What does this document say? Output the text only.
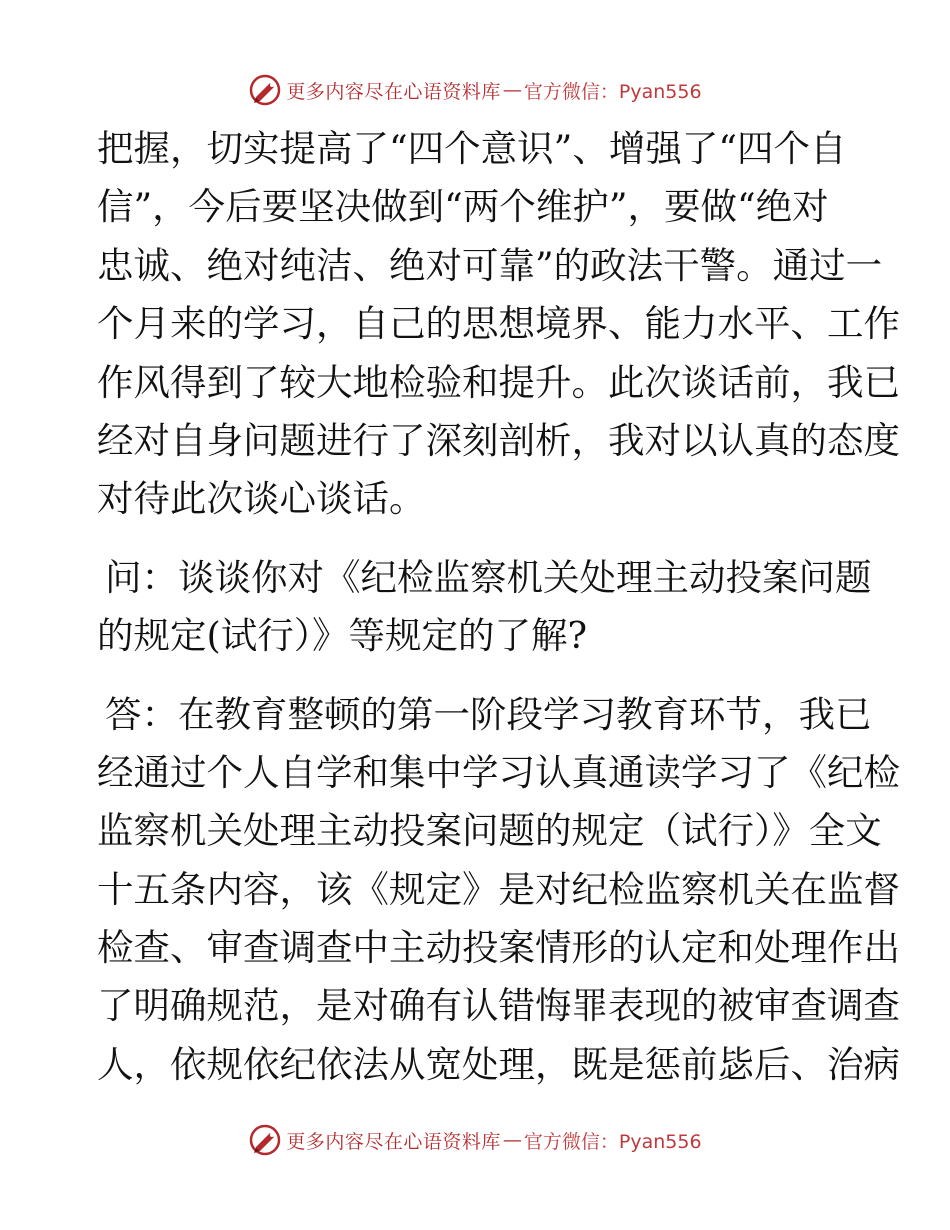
更多内容尽在心语资料库 — 官方微信：Pyan556
把握，切实提高了“四个意识”、增强了“四个自
信”，今后要坚决做到“两个维护”，要做“绝对
忠诚、绝对纯洁、绝对可靠”的政法干警。通过一
个月来的学习，自己的思想境界、能力水平、工作
作风得到了较大地检验和提升。此次谈话前，我已
经对自身问题进行了深刻剖析，我对以认真的态度
对待此次谈心谈话。
问：谈谈你对《纪检监察机关处理主动投案问题
的规定(试行）》等规定的了解?
答：在教育整顿的第一阶段学习教育环节，我已
经通过个人自学和集中学习认真通读学习了《纪检
监察机关处理主动投案问题的规定（试行）》全文
十五条内容，该《规定》是对纪检监察机关在监督
检查、审查调查中主动投案情形的认定和处理作出
了明确规范，是对确有认错悔罪表现的被审查调查
人，依规依纪依法从宽处理，既是惩前毖后、治病
更多内容尽在心语资料库 — 官方微信：Pyan556
